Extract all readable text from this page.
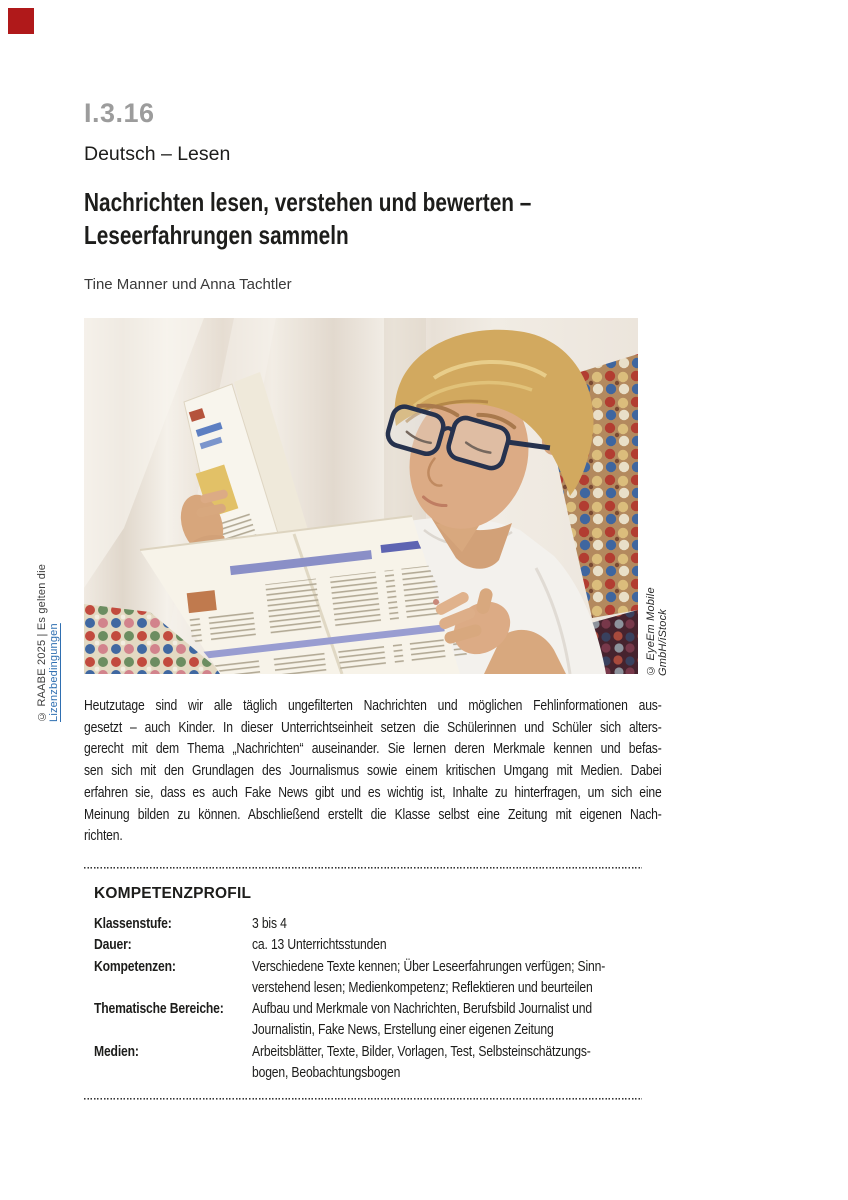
I.3.16
Deutsch – Lesen
Nachrichten lesen, verstehen und bewerten –
Leseerfahrungen sammeln
Tine Manner und Anna Tachtler
© RAABE 2025 | Es gelten die Lizenzbedingungen	© EyeEm Mobile GmbH/iStock
Heutzutage sind wir alle täglich ungefilterten Nachrichten und möglichen Fehlinformationen aus-
gesetzt – auch Kinder. In dieser Unterrichtseinheit setzen die Schülerinnen und Schüler sich alters-
gerecht mit dem Thema „Nachrichten“ auseinander. Sie lernen deren Merkmale kennen und befas-
sen sich mit den Grundlagen des Journalismus sowie einem kritischen Umgang mit Medien. Dabei
erfahren sie, dass es auch Fake News gibt und es wichtig ist, Inhalte zu hinterfragen, um sich eine
Meinung bilden zu können. Abschließend erstellt die Klasse selbst eine Zeitung mit eigenen Nach-
richten.
KOMPETENZPROFIL
Klassenstufe:	3 bis 4
Dauer:	ca. 13 Unterrichtsstunden
Kompetenzen:	Verschiedene Texte kennen; Über Leseerfahrungen verfügen; Sinn-
verstehend lesen; Medienkompetenz; Reflektieren und beurteilen
Thematische Bereiche: Aufbau und Merkmale von Nachrichten, Berufsbild Journalist und
Journalistin, Fake News, Erstellung einer eigenen Zeitung
Medien:	Arbeitsblätter, Texte, Bilder, Vorlagen, Test, Selbsteinschätzungs-
bogen, Beobachtungsbogen
